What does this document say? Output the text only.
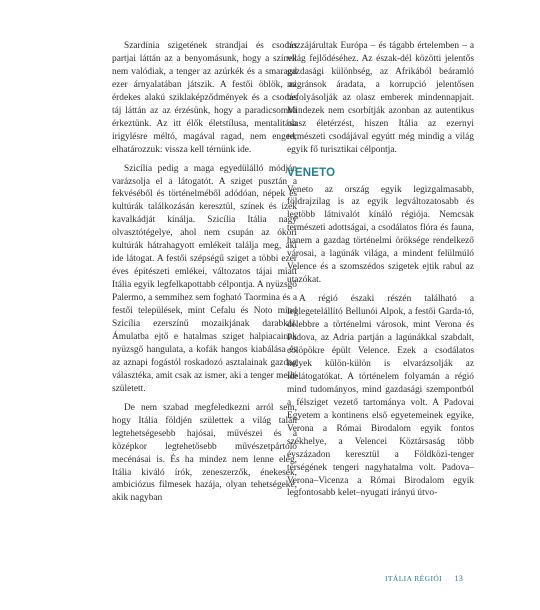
Szardínia szigetének strandjai és csodás partjai láttán az a benyomásunk, hogy a színek nem valódiak, a tenger az azúrkék és a smaragd ezer árnyalatában játszik. A festői öblök, az érdekes alakú sziklaképződmények és a csodás táj láttán az az érzésünk, hogy a paradicsomba érkeztünk. Az itt élők életstílusa, mentalitása irigylésre méltó, magával ragad, nem enged, elhatározzuk: vissza kell térnünk ide.

Szicília pedig a maga egyedülálló módján varázsolja el a látogatót. A sziget pusztán a fekvéséből és történelméből adódóan, népek és kultúrák találkozásán keresztül, színek és ízek kavalkádját kínálja. Szicília Itália nagy olvasztótégelye, ahol nem csupán az ókori kultúrák hátrahagyott emlékeit találja meg, aki ide látogat. A festői szépségű sziget a többi ezer éves építészeti emlékei, változatos tájai miatt Itália egyik legfelkapottabb célpontja. A nyüzsgő Palermo, a semmihez sem fogható Taormina és a festői települések, mint Cefalu és Noto mind Szicília ezerszínű mozaikjának darabkái. Ámulatba ejtő e hatalmas sziget halpiacainak nyüzsgő hangulata, a kofák hangos kiabálása és az aznapi fogástól roskadozó asztalainak gazdag választéka, amit csak az ismer, aki a tenger mellé született.

De nem szabad megfeledkezni arról sem, hogy Itália földjén születtek a világ talán legtehetségesebb hajósai, művészei és a középkor legtehetősebb művészetpártoló mecénásai is. És ha mindez nem lenne elég, Itália kiváló írók, zeneszerzők, énekesek, ambiciózus filmesek hazája, olyan tehetségeké, akik nagyban

hozzájárultak Európa – és tágabb értelemben – a világ fejlődéséhez. Az észak-dél közötti jelentős gazdasági különbség, az Afrikából beáramló migránsok áradata, a korrupció jelentősen befolyásolják az olasz emberek mindennapjait. Mindezek nem csorbítják azonban az autentikus olasz életérzést, hiszen Itália az ezernyi természeti csodájával egyútt még mindig a világ egyik fő turisztikai célpontja.

VENETO

Veneto az ország egyik legizgalmasabb, földrajzilag is az egyik legváltozatosabb és legtöbb látnivalót kínáló régiója. Nemcsak természeti adottságai, a csodálatos flóra és fauna, hanem a gazdag történelmi öröksége rendelkező városai, a lagúnák világa, a mindent felülmúló Velence és a szomszédos szigetek ejtik rabul az utazókat.

A régió északi részén található a leglegetelállító Bellunói Alpok, a festői Garda-tó, délebbre a történelmi városok, mint Verona és Padova, az Adria partján a lagúnákkal szabdalt, cölöpökre épült Velence. Ezek a csodálatos helyek külön-külön is elvarázsolják az idelátogatókat. A történelem folyamán a régió mind tudományos, mind gazdasági szempontból a félsziget vezető tartománya volt. A Padovai Egyetem a kontinens első egyetemeinek egyike, Verona a Római Birodalom egyik fontos székhelye, a Velencei Köztársaság több évszázadon keresztül a Földközi-tenger térségének tengeri nagyhatalma volt. Padova–Verona–Vicenza a Római Birodalom egyik legfontosabb kelet–nyugati irányú útvo-

ITÁLIA RÉGIÓI 13
